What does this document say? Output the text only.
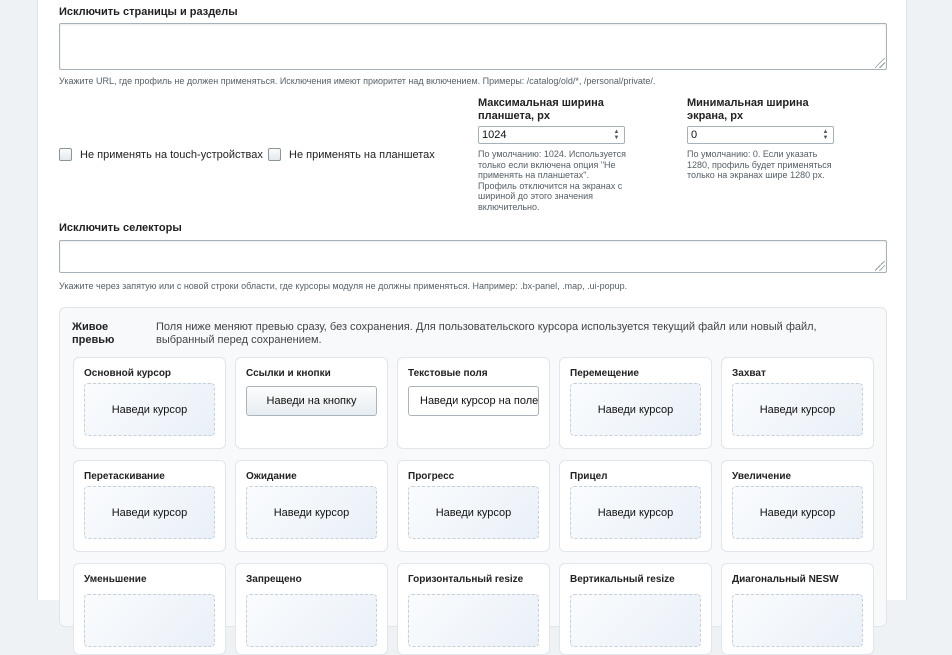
Исключить страницы и разделы
Укажите URL, где профиль не должен применяться. Исключения имеют приоритет над включением. Примеры: /catalog/old/*, /personal/private/.
Не применять на touch-устройствах Не применять на планшетах
Максимальная ширина
планшета, px
1024	▲
▼
По умолчанию: 1024. Используется
только если включена опция "Не
применять на планшетах".
Профиль отключится на экранах с
шириной до этого значения
включительно.
Минимальная ширина
экрана, px
0	▲
▼
По умолчанию: 0. Если указать
1280, профиль будет применяться
только на экранах шире 1280 px.
Исключить селекторы
Укажите через запятую или с новой строки области, где курсоры модуля не должны применяться. Например: .bx-panel, .map, .ui-popup.
Живое
превью
Поля ниже меняют превью сразу, без сохранения. Для пользовательского курсора используется текущий файл или новый файл, выбранный перед сохранением.
Основной курсор
Наведи курсор
Ссылки и кнопки
Наведи на кнопку
Текстовые поля
Наведи курсор на поле
Перемещение
Наведи курсор
Захват
Наведи курсор
Перетаскивание
Наведи курсор
Ожидание
Наведи курсор
Прогресс
Наведи курсор
Прицел
Наведи курсор
Увеличение
Наведи курсор
Уменьшение	Запрещено	Горизонтальный resize	Вертикальный resize	Диагональный NESW
